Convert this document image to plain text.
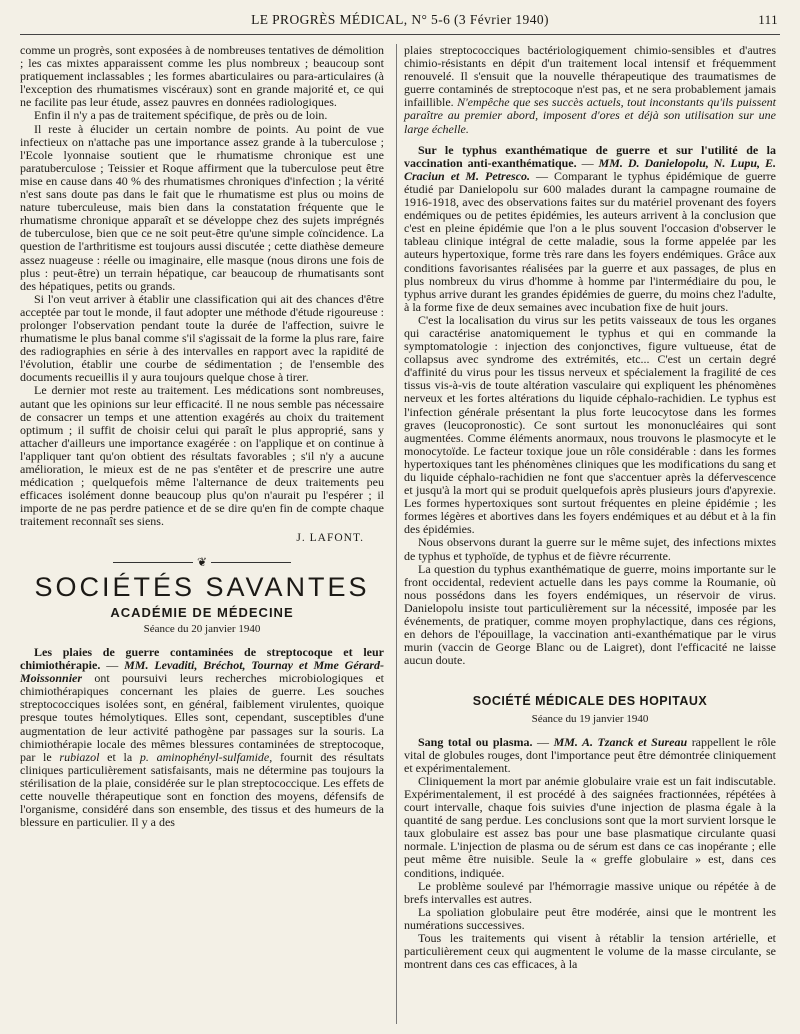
LE PROGRÈS MÉDICAL, N° 5-6 (3 Février 1940)	111

comme un progrès, sont exposées à de nombreuses tentatives de démolition ; les cas mixtes apparaissent comme les plus nombreux ; beaucoup sont pratiquement inclassables ; les formes abarticulaires ou para-articulaires (à l'exception des rhumatismes viscéraux) sont en grande majorité et, ce qui ne facilite pas leur étude, assez pauvres en données radiologiques.

Enfin il n'y a pas de traitement spécifique, de près ou de loin.

Il reste à élucider un certain nombre de points. Au point de vue infectieux on n'attache pas une importance assez grande à la tuberculose ; l'Ecole lyonnaise soutient que le rhumatisme chronique est une paratuberculose ; Teissier et Roque affirment que la tuberculose peut être mise en cause dans 40 % des rhumatismes chroniques d'infection ; la vérité n'est sans doute pas dans le fait que le rhumatisme est plus ou moins de nature tuberculeuse, mais bien dans la constatation fréquente que le rhumatisme chronique apparaît et se développe chez des sujets imprégnés de tuberculose, bien que ce ne soit peut-être qu'une simple coïncidence. La question de l'arthritisme est toujours aussi discutée ; cette diathèse demeure assez nuageuse : réelle ou imaginaire, elle masque (nous dirons une fois de plus : peut-être) un terrain hépatique, car beaucoup de rhumatisants sont des hépatiques, petits ou grands.

Si l'on veut arriver à établir une classification qui ait des chances d'être acceptée par tout le monde, il faut adopter une méthode d'étude rigoureuse : prolonger l'observation pendant toute la durée de l'affection, suivre le rhumatisme le plus banal comme s'il s'agissait de la forme la plus rare, faire des radiographies en série à des intervalles en rapport avec la rapidité de l'évolution, établir une courbe de sédimentation ; de l'ensemble des documents recueillis il y aura toujours quelque chose à tirer.

Le dernier mot reste au traitement. Les médications sont nombreuses, autant que les opinions sur leur efficacité. Il ne nous semble pas nécessaire de consacrer un temps et une attention exagérés au choix du traitement optimum ; il suffit de choisir celui qui paraît le plus approprié, sans y attacher d'ailleurs une importance exagérée : on l'applique et on continue à l'appliquer tant qu'on obtient des résultats favorables ; s'il n'y a aucune amélioration, le mieux est de ne pas s'entêter et de prescrire une autre médication ; quelquefois même l'alternance de deux traitements peu efficaces isolément donne beaucoup plus qu'on n'aurait pu l'espérer ; il importe de ne pas perdre patience et de se dire qu'en fin de compte chaque traitement reconnaît ses siens.

J. LAFONT.
❦
SOCIÉTÉS SAVANTES
ACADÉMIE DE MÉDECINE
Séance du 20 janvier 1940

Les plaies de guerre contaminées de streptocoque et leur chimiothérapie. — MM. Levaditi, Bréchot, Tournay et Mme Gérard-Moissonnier ont poursuivi leurs recherches microbiologiques et chimiothérapiques concernant les plaies de guerre. Les souches streptococciques isolées sont, en général, faiblement virulentes, quoique presque toutes hémolytiques. Elles sont, cependant, susceptibles d'une augmentation de leur activité pathogène par passages sur la souris. La chimiothérapie locale des mêmes blessures contaminées de streptocoque, par le rubiazol et la p. aminophényl-sulfamide, fournit des résultats cliniques particulièrement satisfaisants, mais ne détermine pas toujours la stérilisation de la plaie, considérée sur le plan streptococcique. Les effets de cette nouvelle thérapeutique sont en fonction des moyens, défensifs de l'organisme, considéré dans son ensemble, des tissus et des humeurs de la blessure en particulier. Il y a des

plaies streptococciques bactériologiquement chimio-sensibles et d'autres chimio-résistants en dépit d'un traitement local intensif et fréquemment renouvelé. Il s'ensuit que la nouvelle thérapeutique des traumatismes de guerre contaminés de streptocoque n'est pas, et ne sera probablement jamais infaillible. N'empêche que ses succès actuels, tout inconstants qu'ils puissent paraître au premier abord, imposent d'ores et déjà son utilisation sur une large échelle.

Sur le typhus exanthématique de guerre et sur l'utilité de la vaccination anti-exanthématique. — MM. D. Danielopolu, N. Lupu, E. Craciun et M. Petresco. — Comparant le typhus épidémique de guerre étudié par Danielopolu sur 600 malades durant la campagne roumaine de 1916-1918, avec des observations faites sur du matériel provenant des foyers endémiques ou de petites épidémies, les auteurs arrivent à la conclusion que c'est en pleine épidémie que l'on a le plus souvent l'occasion d'observer le tableau clinique intégral de cette maladie, sous la forme appelée par les auteurs hypertoxique, forme très rare dans les foyers endémiques. Grâce aux conditions favorisantes réalisées par la guerre et aux passages, de plus en plus nombreux du virus d'homme à homme par l'intermédiaire du pou, le typhus arrive durant les grandes épidémies de guerre, du moins chez l'adulte, à la forme fixe de deux semaines avec incubation fixe de huit jours.

C'est la localisation du virus sur les petits vaisseaux de tous les organes qui caractérise anatomiquement le typhus et qui en commande la symptomatologie : injection des conjonctives, figure vultueuse, état de collapsus avec syndrome des extrémités, etc... C'est un certain degré d'affinité du virus pour les tissus nerveux et spécialement la fragilité de ces tissus vis-à-vis de toute altération vasculaire qui expliquent les phénomènes nerveux et les fortes altérations du liquide céphalo-rachidien. Le typhus est l'infection générale présentant la plus forte leucocytose dans les formes graves (leucopronostic). Ce sont surtout les mononucléaires qui sont augmentées. Comme éléments anormaux, nous trouvons le plasmocyte et le monocytoïde. Le facteur toxique joue un rôle considérable : dans les formes hypertoxiques tant les phénomènes cliniques que les modifications du sang et du liquide céphalo-rachidien ne font que s'accentuer après la défervescence et jusqu'à la mort qui se produit quelquefois après plusieurs jours d'apyrexie. Les formes hypertoxiques sont surtout fréquentes en pleine épidémie ; les formes légères et abortives dans les foyers endémiques et au début et à la fin des épidémies.

Nous observons durant la guerre sur le même sujet, des infections mixtes de typhus et typhoïde, de typhus et de fièvre récurrente.

La question du typhus exanthématique de guerre, moins importante sur le front occidental, redevient actuelle dans les pays comme la Roumanie, où nous possédons dans les foyers endémiques, un réservoir de virus. Danielopolu insiste tout particulièrement sur la nécessité, imposée par les événements, de pratiquer, comme moyen prophylactique, dans ces régions, en dehors de l'épouillage, la vaccination anti-exanthématique par le virus murin (vaccin de George Blanc ou de Laigret), dont l'efficacité ne laisse aucun doute.

SOCIÉTÉ MÉDICALE DES HOPITAUX
Séance du 19 janvier 1940

Sang total ou plasma. — MM. A. Tzanck et Sureau rappellent le rôle vital de globules rouges, dont l'importance peut être démontrée cliniquement et expérimentalement.

Cliniquement la mort par anémie globulaire vraie est un fait indiscutable. Expérimentalement, il est procédé à des saignées fractionnées, répétées à court intervalle, chaque fois suivies d'une injection de plasma égale à la quantité de sang perdue. Les conclusions sont que la mort survient lorsque le taux globulaire est assez bas pour une base plasmatique circulante quasi normale. L'injection de plasma ou de sérum est dans ce cas inopérante ; elle peut même être nuisible. Seule la « greffe globulaire » est, dans ces conditions, indiquée.

Le problème soulevé par l'hémorragie massive unique ou répétée à de brefs intervalles est autres.

La spoliation globulaire peut être modérée, ainsi que le montrent les numérations successives.

Tous les traitements qui visent à rétablir la tension artérielle, et particulièrement ceux qui augmentent le volume de la masse circulante, se montrent dans ces cas efficaces, à la
